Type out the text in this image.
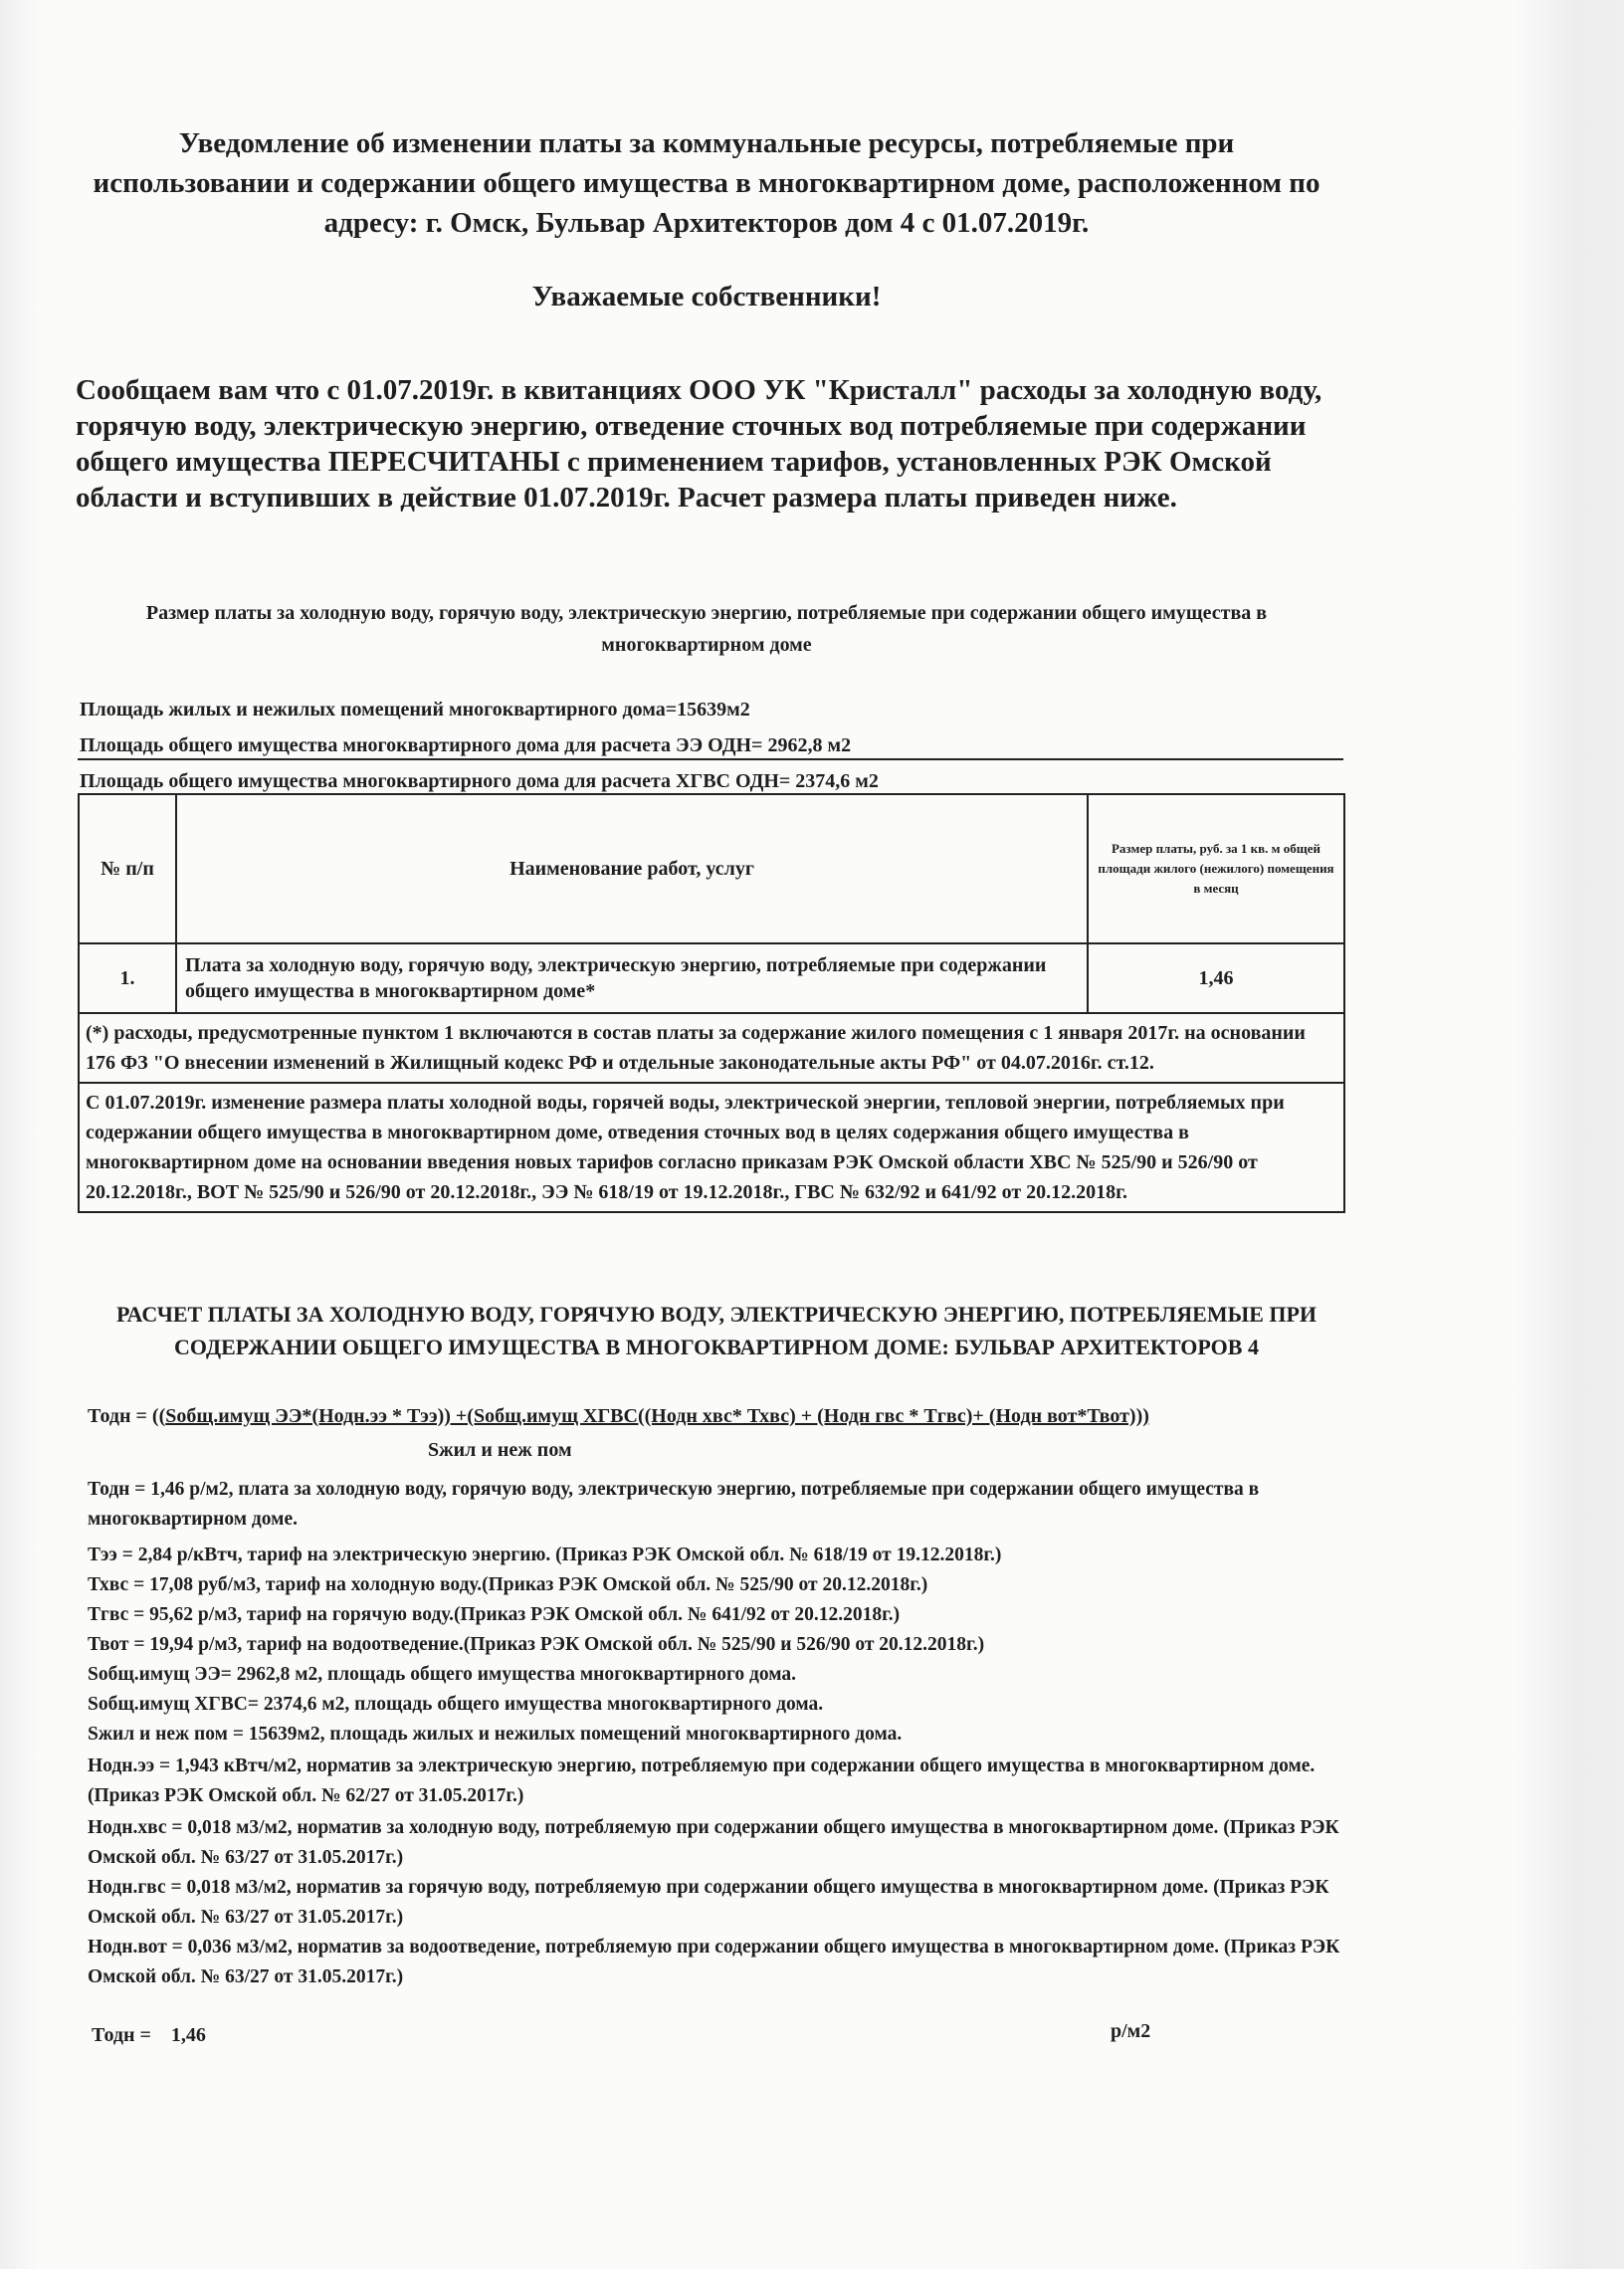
Уведомление об изменении платы за коммунальные ресурсы, потребляемые при использовании и содержании общего имущества в многоквартирном доме, расположенном по адресу: г. Омск, Бульвар Архитекторов дом 4 с 01.07.2019г.
Уважаемые собственники!
Сообщаем вам что с 01.07.2019г. в квитанциях ООО УК "Кристалл" расходы за холодную воду, горячую воду, электрическую энергию, отведение сточных вод потребляемые при содержании общего имущества ПЕРЕСЧИТАНЫ с применением тарифов, установленных РЭК Омской области и вступивших в действие 01.07.2019г. Расчет размера платы приведен ниже.
Размер платы за холодную воду, горячую воду, электрическую энергию, потребляемые при содержании общего имущества в многоквартирном доме
Площадь жилых и нежилых помещений многоквартирного дома=15639м2
Площадь общего имущества многоквартирного дома для расчета ЭЭ ОДН= 2962,8 м2
Площадь общего имущества многоквартирного дома для расчета ХГВС ОДН= 2374,6 м2
№ п/п	Наименование работ, услуг	Размер платы, руб. за 1 кв. м общей площади жилого (нежилого) помещения в месяц
1.	Плата за холодную воду, горячую воду, электрическую энергию, потребляемые при содержании общего имущества в многоквартирном доме*	1,46
(*) расходы, предусмотренные пунктом 1 включаются в состав платы за содержание жилого помещения с 1 января 2017г. на основании 176 ФЗ "О внесении изменений в Жилищный кодекс РФ и отдельные законодательные акты РФ" от 04.07.2016г. ст.12.		
С 01.07.2019г. изменение размера платы холодной воды, горячей воды, электрической энергии, тепловой энергии, потребляемых при содержании общего имущества в многоквартирном доме, отведения сточных вод в целях содержания общего имущества в многоквартирном доме на основании введения новых тарифов согласно приказам РЭК Омской области ХВС № 525/90 и 526/90 от 20.12.2018г., ВОТ № 525/90 и 526/90 от 20.12.2018г., ЭЭ № 618/19 от 19.12.2018г., ГВС № 632/92 и 641/92 от 20.12.2018г.		
РАСЧЕТ ПЛАТЫ ЗА ХОЛОДНУЮ ВОДУ, ГОРЯЧУЮ ВОДУ, ЭЛЕКТРИЧЕСКУЮ ЭНЕРГИЮ, ПОТРЕБЛЯЕМЫЕ ПРИ СОДЕРЖАНИИ ОБЩЕГО ИМУЩЕСТВА В МНОГОКВАРТИРНОМ ДОМЕ: БУЛЬВАР АРХИТЕКТОРОВ 4
Тодн = ((Sобщ.имущ ЭЭ*(Нодн.ээ * Тээ)) +(Sобщ.имущ ХГВС((Нодн хвс* Тхвс) + (Нодн гвс * Тгвс)+ (Нодн вот*Твот)))
Sжил и неж пом
Тодн = 1,46 р/м2, плата за холодную воду, горячую воду, электрическую энергию, потребляемые при содержании общего имущества в многоквартирном доме.
Тээ = 2,84 р/кВтч, тариф на электрическую энергию. (Приказ РЭК Омской обл. № 618/19 от 19.12.2018г.)
Тхвс = 17,08 руб/м3, тариф на холодную воду.(Приказ РЭК Омской обл. № 525/90 от 20.12.2018г.)
Тгвс = 95,62 р/м3, тариф на горячую воду.(Приказ РЭК Омской обл. № 641/92 от 20.12.2018г.)
Твот = 19,94 р/м3, тариф на водоотведение.(Приказ РЭК Омской обл. № 525/90 и 526/90 от 20.12.2018г.)
Sобщ.имущ ЭЭ= 2962,8 м2, площадь общего имущества многоквартирного дома.
Sобщ.имущ ХГВС= 2374,6 м2, площадь общего имущества многоквартирного дома.
Sжил и неж пом = 15639м2, площадь жилых и нежилых помещений многоквартирного дома.
Нодн.ээ = 1,943 кВтч/м2, норматив за электрическую энергию, потребляемую при содержании общего имущества в многоквартирном доме.(Приказ РЭК Омской обл. № 62/27 от 31.05.2017г.)
Нодн.хвс = 0,018 м3/м2, норматив за холодную воду, потребляемую при содержании общего имущества в многоквартирном доме. (Приказ РЭК Омской обл. № 63/27 от 31.05.2017г.)
Нодн.гвс = 0,018 м3/м2, норматив за горячую воду, потребляемую при содержании общего имущества в многоквартирном доме. (Приказ РЭК Омской обл. № 63/27 от 31.05.2017г.)
Нодн.вот = 0,036 м3/м2, норматив за водоотведение, потребляемую при содержании общего имущества в многоквартирном доме. (Приказ РЭК Омской обл. № 63/27 от 31.05.2017г.)
Тодн =    1,46	р/м2
